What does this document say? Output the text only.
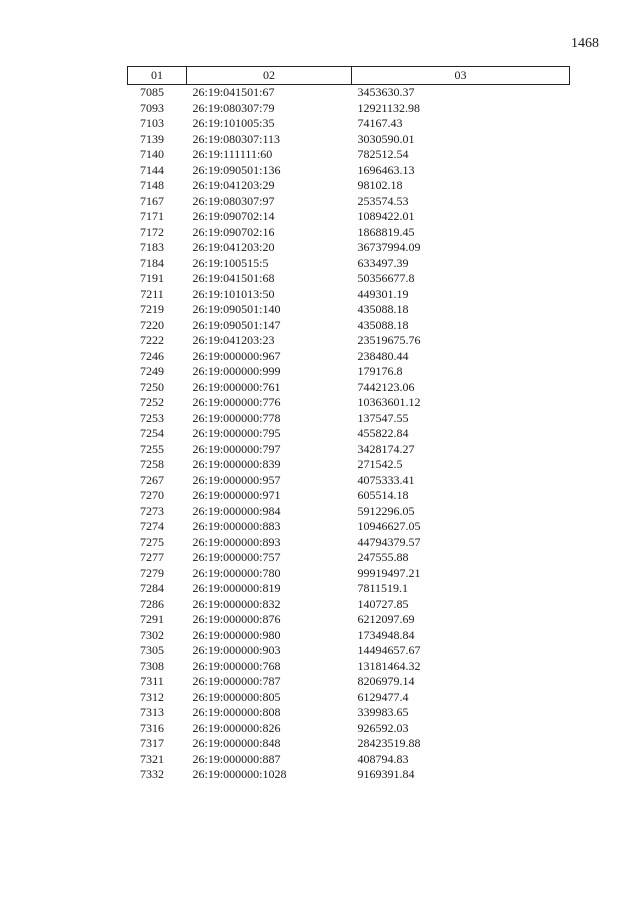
1468
01	02	03
7085	26:19:041501:67	3453630.37
7093	26:19:080307:79	12921132.98
7103	26:19:101005:35	74167.43
7139	26:19:080307:113	3030590.01
7140	26:19:111111:60	782512.54
7144	26:19:090501:136	1696463.13
7148	26:19:041203:29	98102.18
7167	26:19:080307:97	253574.53
7171	26:19:090702:14	1089422.01
7172	26:19:090702:16	1868819.45
7183	26:19:041203:20	36737994.09
7184	26:19:100515:5	633497.39
7191	26:19:041501:68	50356677.8
7211	26:19:101013:50	449301.19
7219	26:19:090501:140	435088.18
7220	26:19:090501:147	435088.18
7222	26:19:041203:23	23519675.76
7246	26:19:000000:967	238480.44
7249	26:19:000000:999	179176.8
7250	26:19:000000:761	7442123.06
7252	26:19:000000:776	10363601.12
7253	26:19:000000:778	137547.55
7254	26:19:000000:795	455822.84
7255	26:19:000000:797	3428174.27
7258	26:19:000000:839	271542.5
7267	26:19:000000:957	4075333.41
7270	26:19:000000:971	605514.18
7273	26:19:000000:984	5912296.05
7274	26:19:000000:883	10946627.05
7275	26:19:000000:893	44794379.57
7277	26:19:000000:757	247555.88
7279	26:19:000000:780	99919497.21
7284	26:19:000000:819	7811519.1
7286	26:19:000000:832	140727.85
7291	26:19:000000:876	6212097.69
7302	26:19:000000:980	1734948.84
7305	26:19:000000:903	14494657.67
7308	26:19:000000:768	13181464.32
7311	26:19:000000:787	8206979.14
7312	26:19:000000:805	6129477.4
7313	26:19:000000:808	339983.65
7316	26:19:000000:826	926592.03
7317	26:19:000000:848	28423519.88
7321	26:19:000000:887	408794.83
7332	26:19:000000:1028	9169391.84
